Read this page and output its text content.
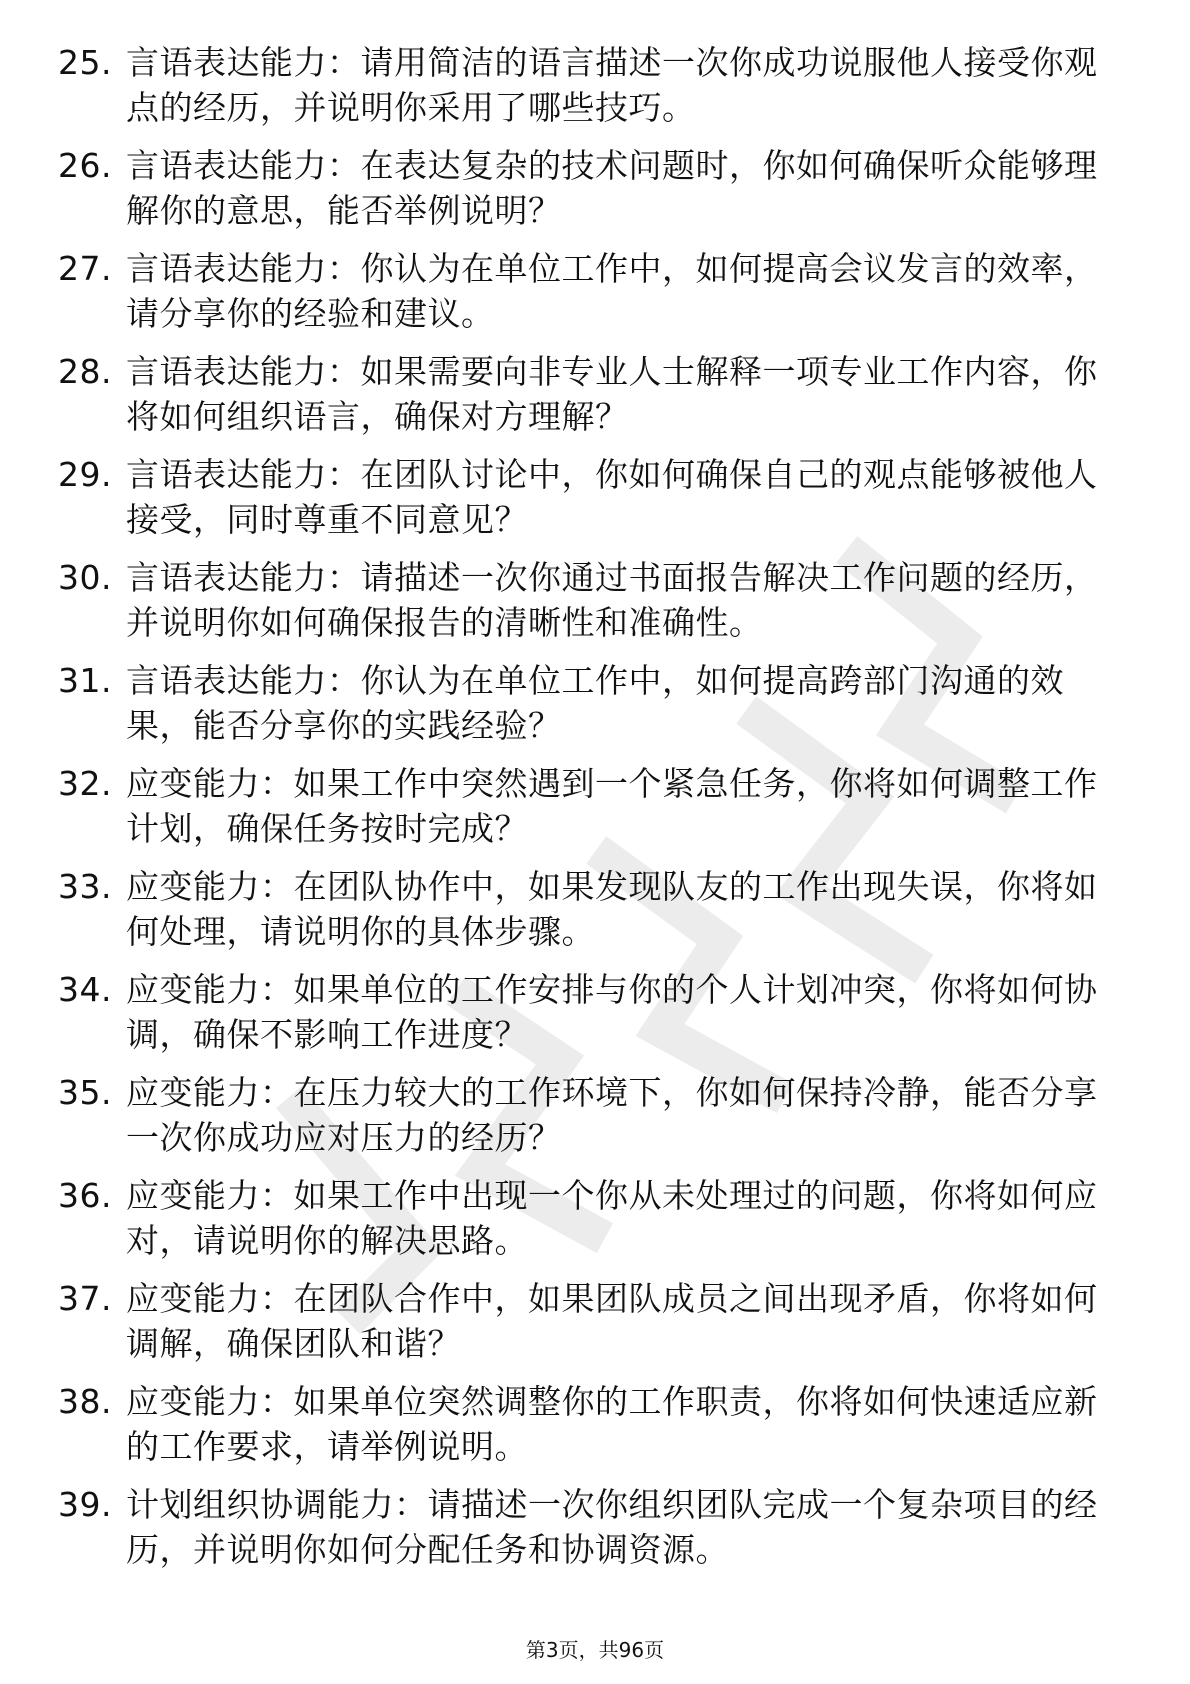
25. 言语表达能力：请用简洁的语言描述一次你成功说服他人接受你观点的经历，并说明你采用了哪些技巧。
26. 言语表达能力：在表达复杂的技术问题时，你如何确保听众能够理解你的意思，能否举例说明？
27. 言语表达能力：你认为在单位工作中，如何提高会议发言的效率，请分享你的经验和建议。
28. 言语表达能力：如果需要向非专业人士解释一项专业工作内容，你将如何组织语言，确保对方理解？
29. 言语表达能力：在团队讨论中，你如何确保自己的观点能够被他人接受，同时尊重不同意见？
30. 言语表达能力：请描述一次你通过书面报告解决工作问题的经历，并说明你如何确保报告的清晰性和准确性。
31. 言语表达能力：你认为在单位工作中，如何提高跨部门沟通的效果，能否分享你的实践经验？
32. 应变能力：如果工作中突然遇到一个紧急任务，你将如何调整工作计划，确保任务按时完成？
33. 应变能力：在团队协作中，如果发现队友的工作出现失误，你将如何处理，请说明你的具体步骤。
34. 应变能力：如果单位的工作安排与你的个人计划冲突，你将如何协调，确保不影响工作进度？
35. 应变能力：在压力较大的工作环境下，你如何保持冷静，能否分享一次你成功应对压力的经历？
36. 应变能力：如果工作中出现一个你从未处理过的问题，你将如何应对，请说明你的解决思路。
37. 应变能力：在团队合作中，如果团队成员之间出现矛盾，你将如何调解，确保团队和谐？
38. 应变能力：如果单位突然调整你的工作职责，你将如何快速适应新的工作要求，请举例说明。
39. 计划组织协调能力：请描述一次你组织团队完成一个复杂项目的经历，并说明你如何分配任务和协调资源。
第3页，共96页
